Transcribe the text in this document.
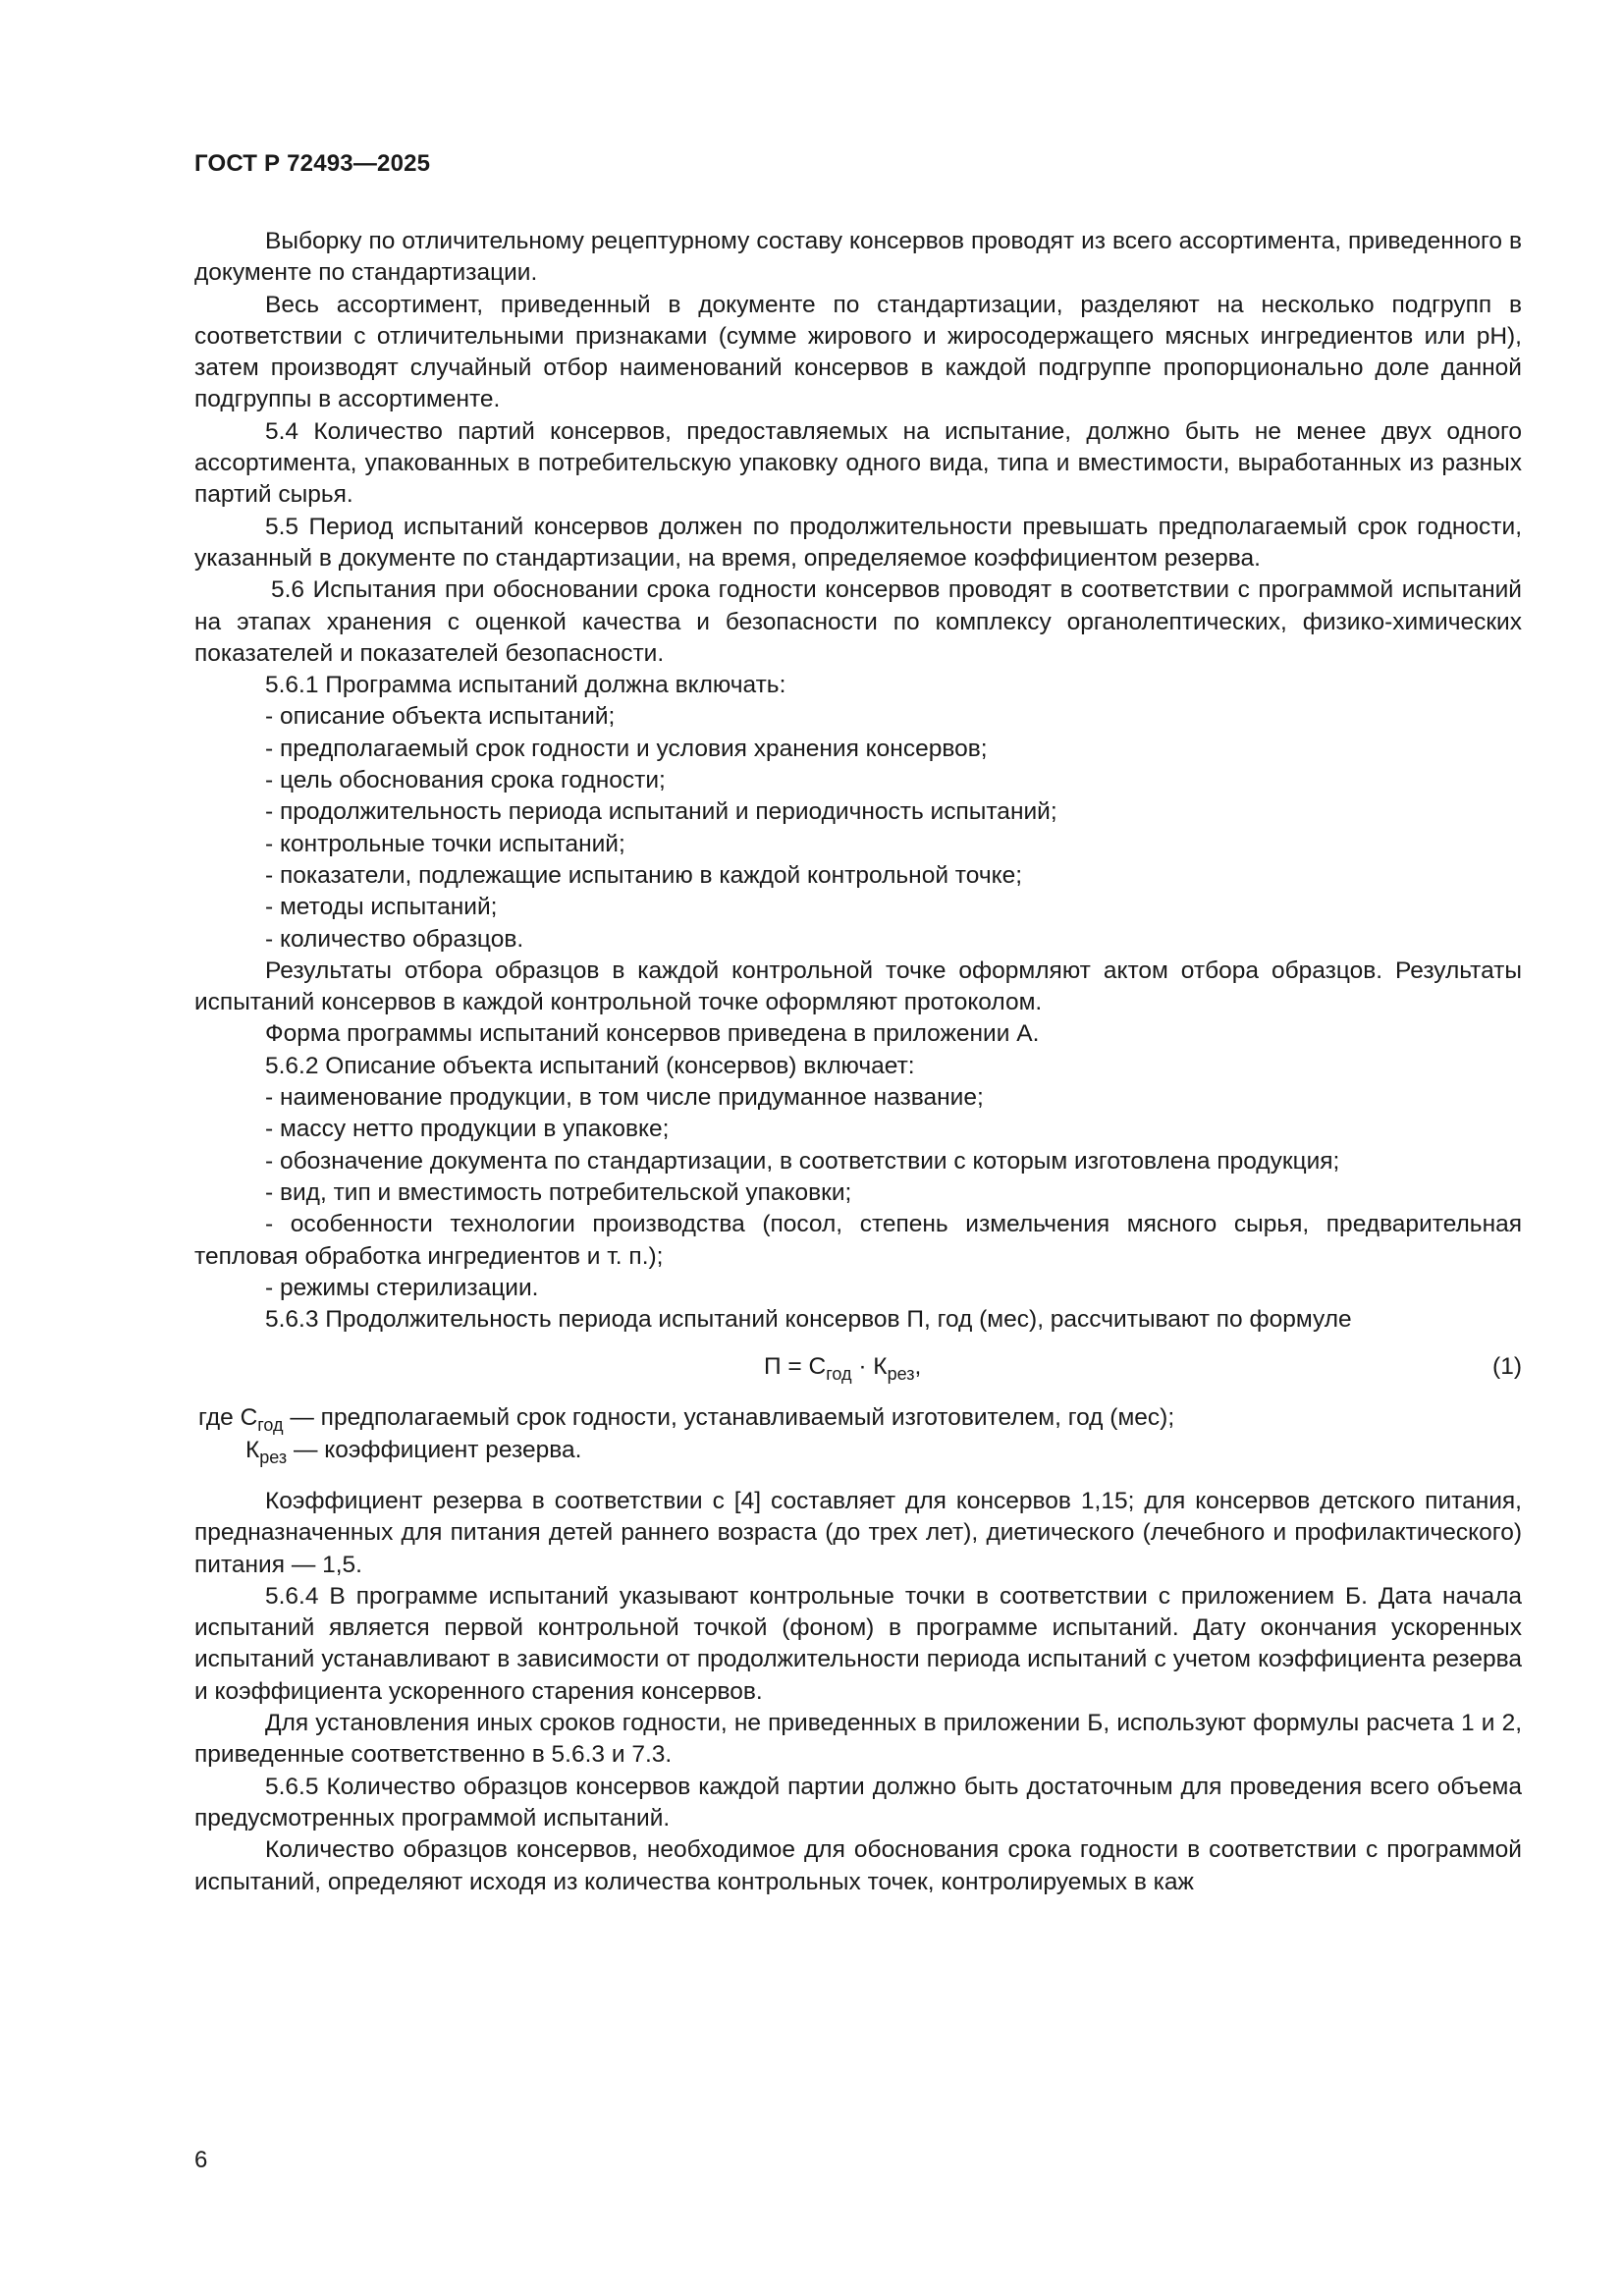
ГОСТ Р 72493—2025

Выборку по отличительному рецептурному составу консервов проводят из всего ассортимента, приведенного в документе по стандартизации.

Весь ассортимент, приведенный в документе по стандартизации, разделяют на несколько подгрупп в соответствии с отличительными признаками (сумме жирового и жиросодержащего мясных ингредиентов или pH), затем производят случайный отбор наименований консервов в каждой подгруппе пропорционально доле данной подгруппы в ассортименте.

5.4 Количество партий консервов, предоставляемых на испытание, должно быть не менее двух одного ассортимента, упакованных в потребительскую упаковку одного вида, типа и вместимости, выработанных из разных партий сырья.

5.5 Период испытаний консервов должен по продолжительности превышать предполагаемый срок годности, указанный в документе по стандартизации, на время, определяемое коэффициентом резерва.

5.6 Испытания при обосновании срока годности консервов проводят в соответствии с программой испытаний на этапах хранения с оценкой качества и безопасности по комплексу органолептических, физико-химических показателей и показателей безопасности.

5.6.1 Программа испытаний должна включать:

- описание объекта испытаний;

- предполагаемый срок годности и условия хранения консервов;

- цель обоснования срока годности;

- продолжительность периода испытаний и периодичность испытаний;

- контрольные точки испытаний;

- показатели, подлежащие испытанию в каждой контрольной точке;

- методы испытаний;

- количество образцов.

Результаты отбора образцов в каждой контрольной точке оформляют актом отбора образцов. Результаты испытаний консервов в каждой контрольной точке оформляют протоколом.

Форма программы испытаний консервов приведена в приложении А.

5.6.2 Описание объекта испытаний (консервов) включает:

- наименование продукции, в том числе придуманное название;

- массу нетто продукции в упаковке;

- обозначение документа по стандартизации, в соответствии с которым изготовлена продукция;

- вид, тип и вместимость потребительской упаковки;

- особенности технологии производства (посол, степень измельчения мясного сырья, предварительная тепловая обработка ингредиентов и т. п.);

- режимы стерилизации.

5.6.3 Продолжительность периода испытаний консервов П, год (мес), рассчитывают по формуле

$П = С_{год} \cdot К_{рез}$,	(1)

где $С_{год}$ — предполагаемый срок годности, устанавливаемый изготовителем, год (мес);

$К_{рез}$ — коэффициент резерва.

Коэффициент резерва в соответствии с [4] составляет для консервов 1,15; для консервов детского питания, предназначенных для питания детей раннего возраста (до трех лет), диетического (лечебного и профилактического) питания — 1,5.

5.6.4 В программе испытаний указывают контрольные точки в соответствии с приложением Б. Дата начала испытаний является первой контрольной точкой (фоном) в программе испытаний. Дату окончания ускоренных испытаний устанавливают в зависимости от продолжительности периода испытаний с учетом коэффициента резерва и коэффициента ускоренного старения консервов.

Для установления иных сроков годности, не приведенных в приложении Б, используют формулы расчета 1 и 2, приведенные соответственно в 5.6.3 и 7.3.

5.6.5 Количество образцов консервов каждой партии должно быть достаточным для проведения всего объема предусмотренных программой испытаний.

Количество образцов консервов, необходимое для обоснования срока годности в соответствии с программой испытаний, определяют исходя из количества контрольных точек, контролируемых в каж

6
